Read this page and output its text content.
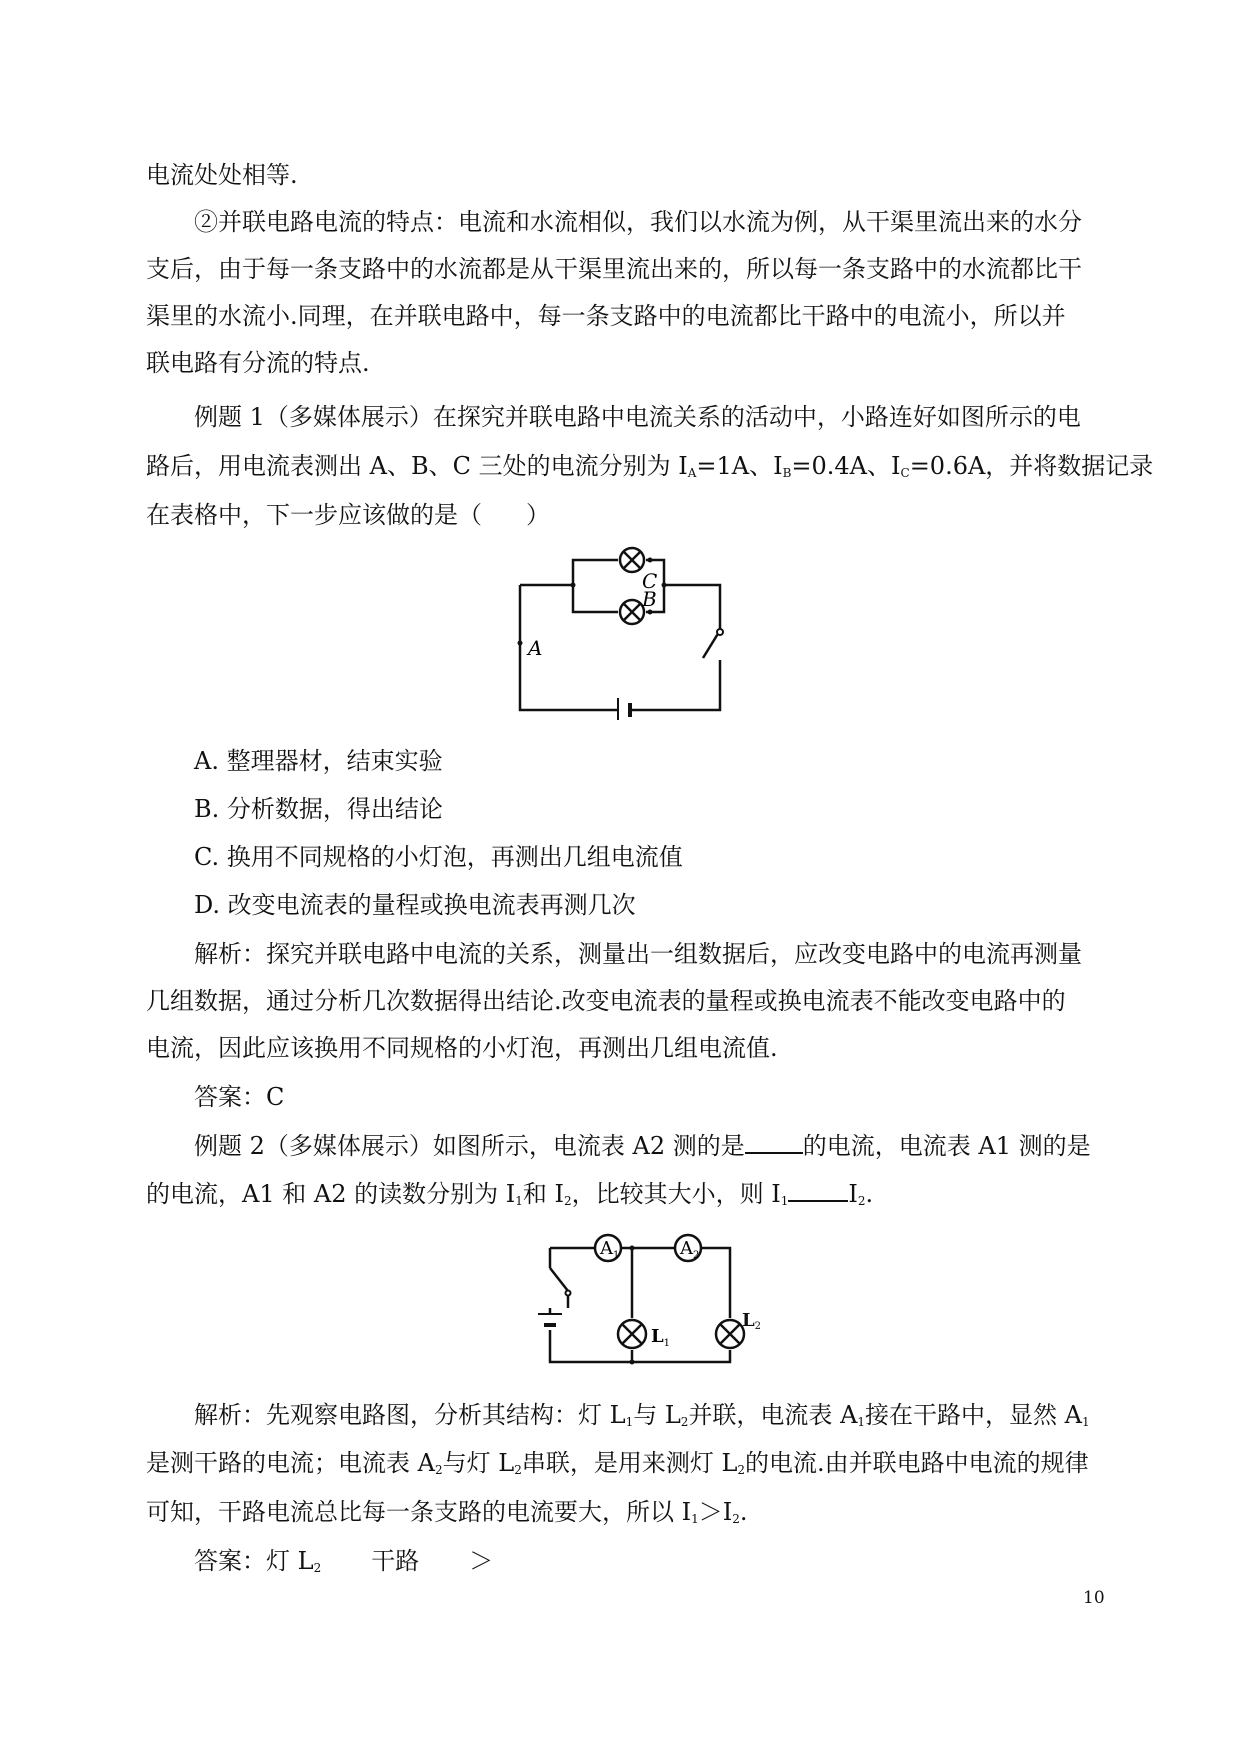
电流处处相等.
②并联电路电流的特点：电流和水流相似，我们以水流为例，从干渠里流出来的水分
支后，由于每一条支路中的水流都是从干渠里流出来的，所以每一条支路中的水流都比干
渠里的水流小.同理，在并联电路中，每一条支路中的电流都比干路中的电流小，所以并
联电路有分流的特点.
例题 1（多媒体展示）在探究并联电路中电流关系的活动中，小路连好如图所示的电
路后，用电流表测出 A、B、C 三处的电流分别为 $I_A=1A$、$I_B=0.4A$、$I_C=0.6A$，并将数据记录
在表格中，下一步应该做的是（ ）
A
C
B
A. 整理器材，结束实验
B. 分析数据，得出结论
C. 换用不同规格的小灯泡，再测出几组电流值
D. 改变电流表的量程或换电流表再测几次
解析：探究并联电路中电流的关系，测量出一组数据后，应改变电路中的电流再测量
几组数据，通过分析几次数据得出结论.改变电流表的量程或换电流表不能改变电路中的
电流，因此应该换用不同规格的小灯泡，再测出几组电流值.
答案：C
例题 2（多媒体展示）如图所示，电流表 A2 测的是 的电流，电流表 A1 测的是
的电流，A1 和 A2 的读数分别为 $I_1$和 $I_2$，比较其大小，则 $I_1$	$I_2$.
$A_1$	$A_2$
$L_1$
$L_2$
解析：先观察电路图，分析其结构：灯 $L_1$与 $L_2$并联，电流表 $A_1$接在干路中，显然 $A_1$
是测干路的电流；电流表 $A_2$与灯 $L_2$串联，是用来测灯 $L_2$的电流.由并联电路中电流的规律
可知，干路电流总比每一条支路的电流要大，所以 $I_1>I_2$.
答案：灯 $L_2$ 干路 ＞
10
